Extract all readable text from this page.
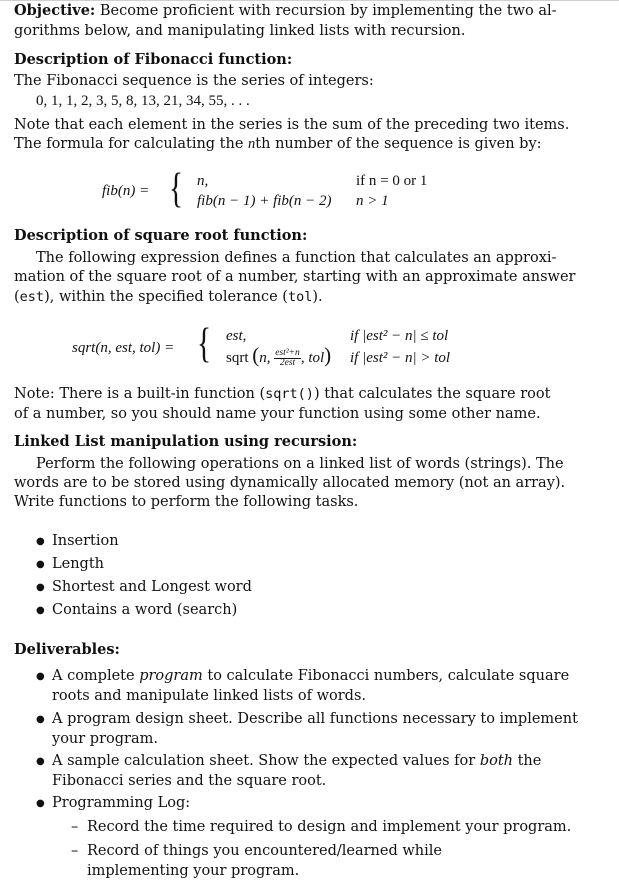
Objective: Become proficient with recursion by implementing the two al-
gorithms below, and manipulating linked lists with recursion.
Description of Fibonacci function:
The Fibonacci sequence is the series of integers:
0, 1, 1, 2, 3, 5, 8, 13, 21, 34, 55, . . .
Note that each element in the series is the sum of the preceding two items.
The formula for calculating the nth number of the sequence is given by:
fib(n) = { n,	if n = 0 or 1
fib(n − 1) + fib(n − 2) n > 1
Description of square root function:
The following expression defines a function that calculates an approxi-
mation of the square root of a number, starting with an approximate answer
(est), within the specified tolerance (tol).
sqrt(n, est, tol) = { est,	if |est² − n| ≤ tol
sqrt (n, $\frac{\text{est²+n}}{\text{2est}}$ , tol) if |est² − n| > tol
Note: There is a built-in function (sqrt()) that calculates the square root
of a number, so you should name your function using some other name.
Linked List manipulation using recursion:
Perform the following operations on a linked list of words (strings). The
words are to be stored using dynamically allocated memory (not an array).
Write functions to perform the following tasks.
● Insertion
● Length
● Shortest and Longest word
● Contains a word (search)
Deliverables:
● A complete program to calculate Fibonacci numbers, calculate square
roots and manipulate linked lists of words.
● A program design sheet. Describe all functions necessary to implement
your program.
● A sample calculation sheet. Show the expected values for both the
Fibonacci series and the square root.
● Programming Log:
– Record the time required to design and implement your program.
– Record of things you encountered/learned while implementing your program.
